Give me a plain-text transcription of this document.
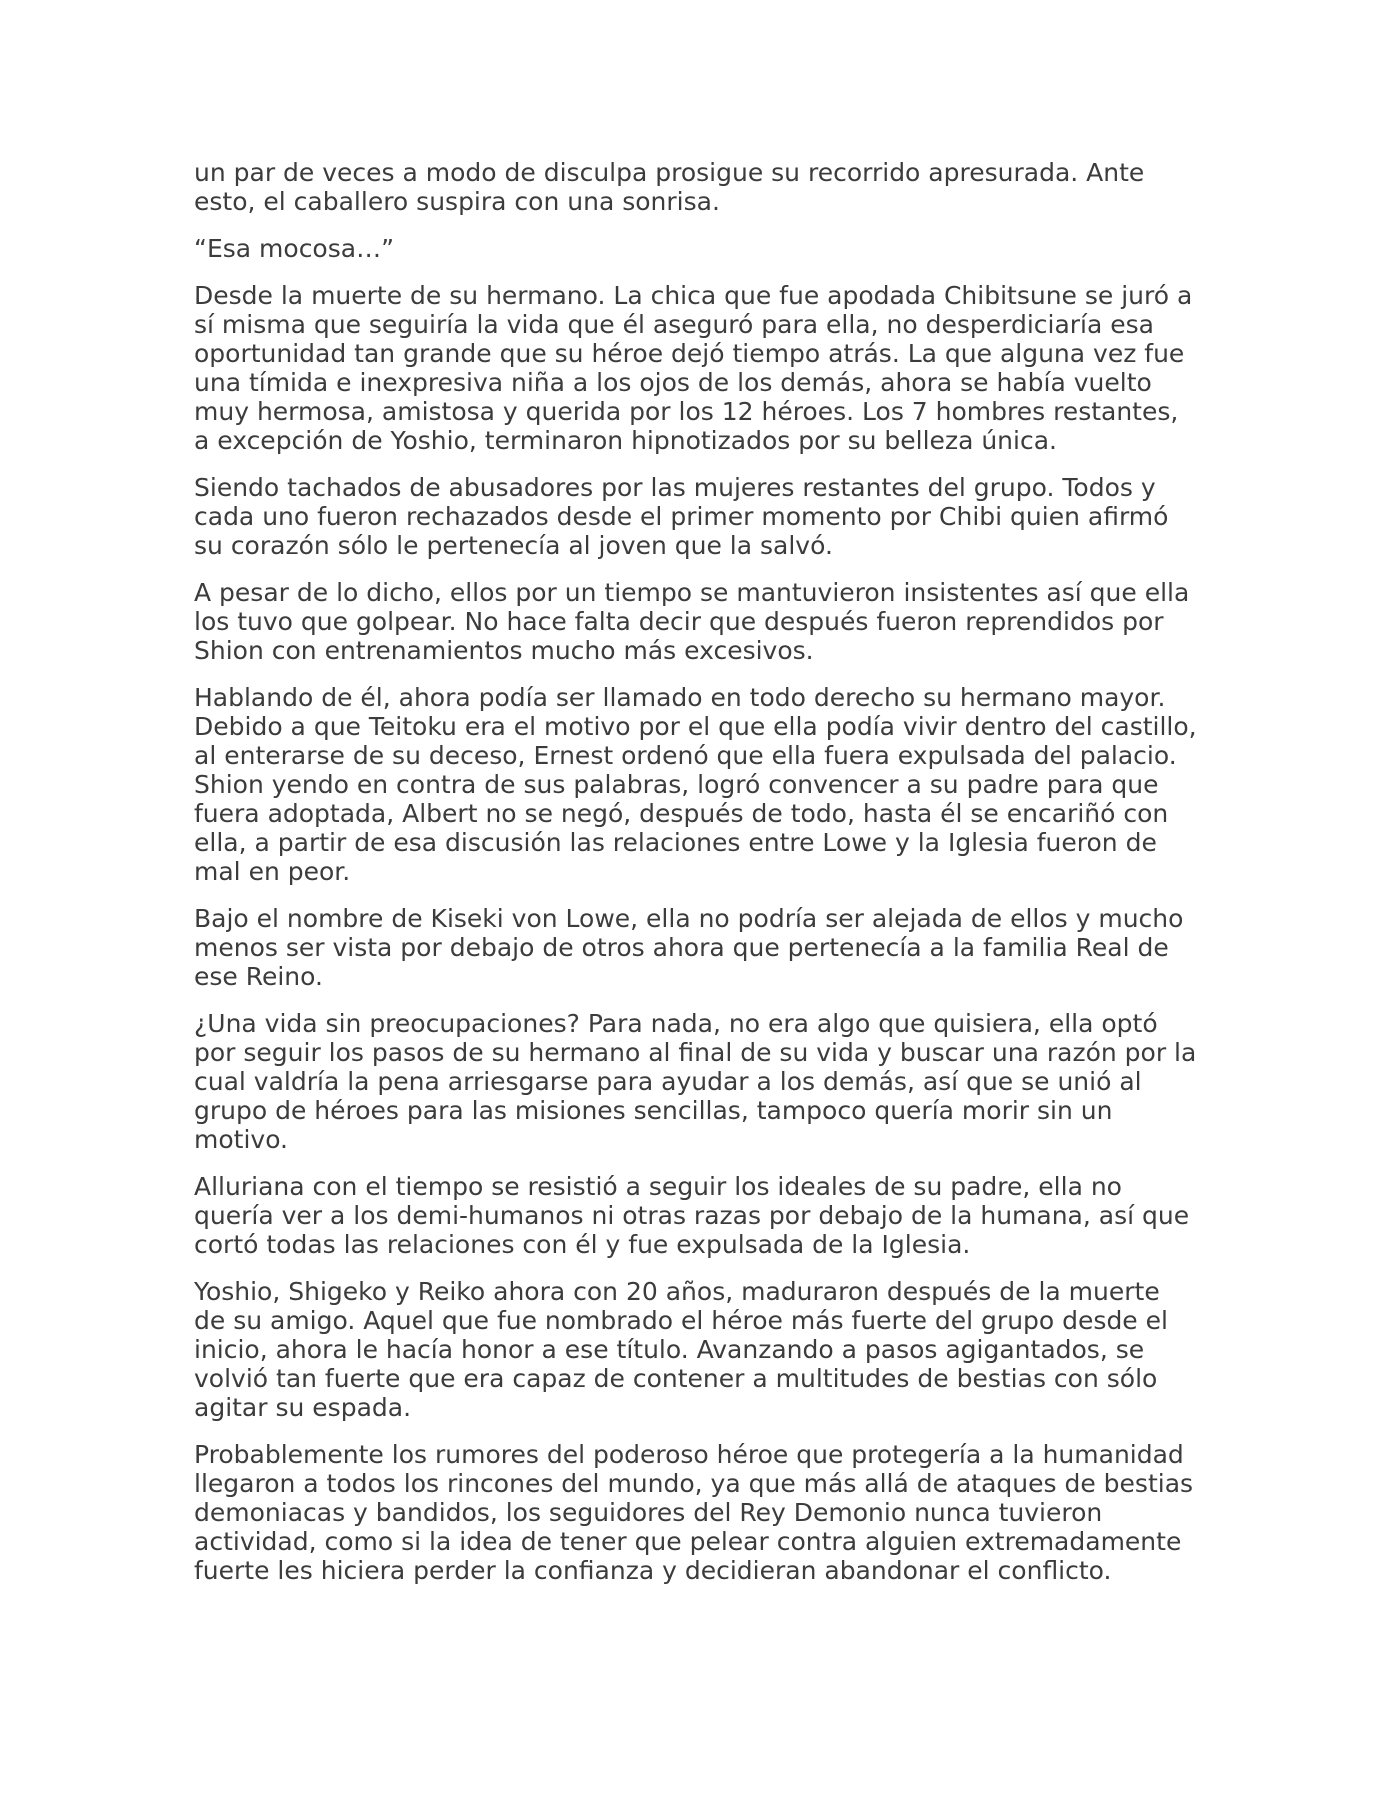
un par de veces a modo de disculpa prosigue su recorrido apresurada. Ante
esto, el caballero suspira con una sonrisa.

“Esa mocosa…”

Desde la muerte de su hermano. La chica que fue apodada Chibitsune se juró a
sí misma que seguiría la vida que él aseguró para ella, no desperdiciaría esa
oportunidad tan grande que su héroe dejó tiempo atrás. La que alguna vez fue
una tímida e inexpresiva niña a los ojos de los demás, ahora se había vuelto
muy hermosa, amistosa y querida por los 12 héroes. Los 7 hombres restantes,
a excepción de Yoshio, terminaron hipnotizados por su belleza única.

Siendo tachados de abusadores por las mujeres restantes del grupo. Todos y
cada uno fueron rechazados desde el primer momento por Chibi quien afirmó
su corazón sólo le pertenecía al joven que la salvó.

A pesar de lo dicho, ellos por un tiempo se mantuvieron insistentes así que ella
los tuvo que golpear. No hace falta decir que después fueron reprendidos por
Shion con entrenamientos mucho más excesivos.

Hablando de él, ahora podía ser llamado en todo derecho su hermano mayor.
Debido a que Teitoku era el motivo por el que ella podía vivir dentro del castillo,
al enterarse de su deceso, Ernest ordenó que ella fuera expulsada del palacio.
Shion yendo en contra de sus palabras, logró convencer a su padre para que
fuera adoptada, Albert no se negó, después de todo, hasta él se encariñó con
ella, a partir de esa discusión las relaciones entre Lowe y la Iglesia fueron de
mal en peor.

Bajo el nombre de Kiseki von Lowe, ella no podría ser alejada de ellos y mucho
menos ser vista por debajo de otros ahora que pertenecía a la familia Real de
ese Reino.

¿Una vida sin preocupaciones? Para nada, no era algo que quisiera, ella optó
por seguir los pasos de su hermano al final de su vida y buscar una razón por la
cual valdría la pena arriesgarse para ayudar a los demás, así que se unió al
grupo de héroes para las misiones sencillas, tampoco quería morir sin un
motivo.

Alluriana con el tiempo se resistió a seguir los ideales de su padre, ella no
quería ver a los demi-humanos ni otras razas por debajo de la humana, así que
cortó todas las relaciones con él y fue expulsada de la Iglesia.

Yoshio, Shigeko y Reiko ahora con 20 años, maduraron después de la muerte
de su amigo. Aquel que fue nombrado el héroe más fuerte del grupo desde el
inicio, ahora le hacía honor a ese título. Avanzando a pasos agigantados, se
volvió tan fuerte que era capaz de contener a multitudes de bestias con sólo
agitar su espada.

Probablemente los rumores del poderoso héroe que protegería a la humanidad
llegaron a todos los rincones del mundo, ya que más allá de ataques de bestias
demoniacas y bandidos, los seguidores del Rey Demonio nunca tuvieron
actividad, como si la idea de tener que pelear contra alguien extremadamente
fuerte les hiciera perder la confianza y decidieran abandonar el conflicto.
